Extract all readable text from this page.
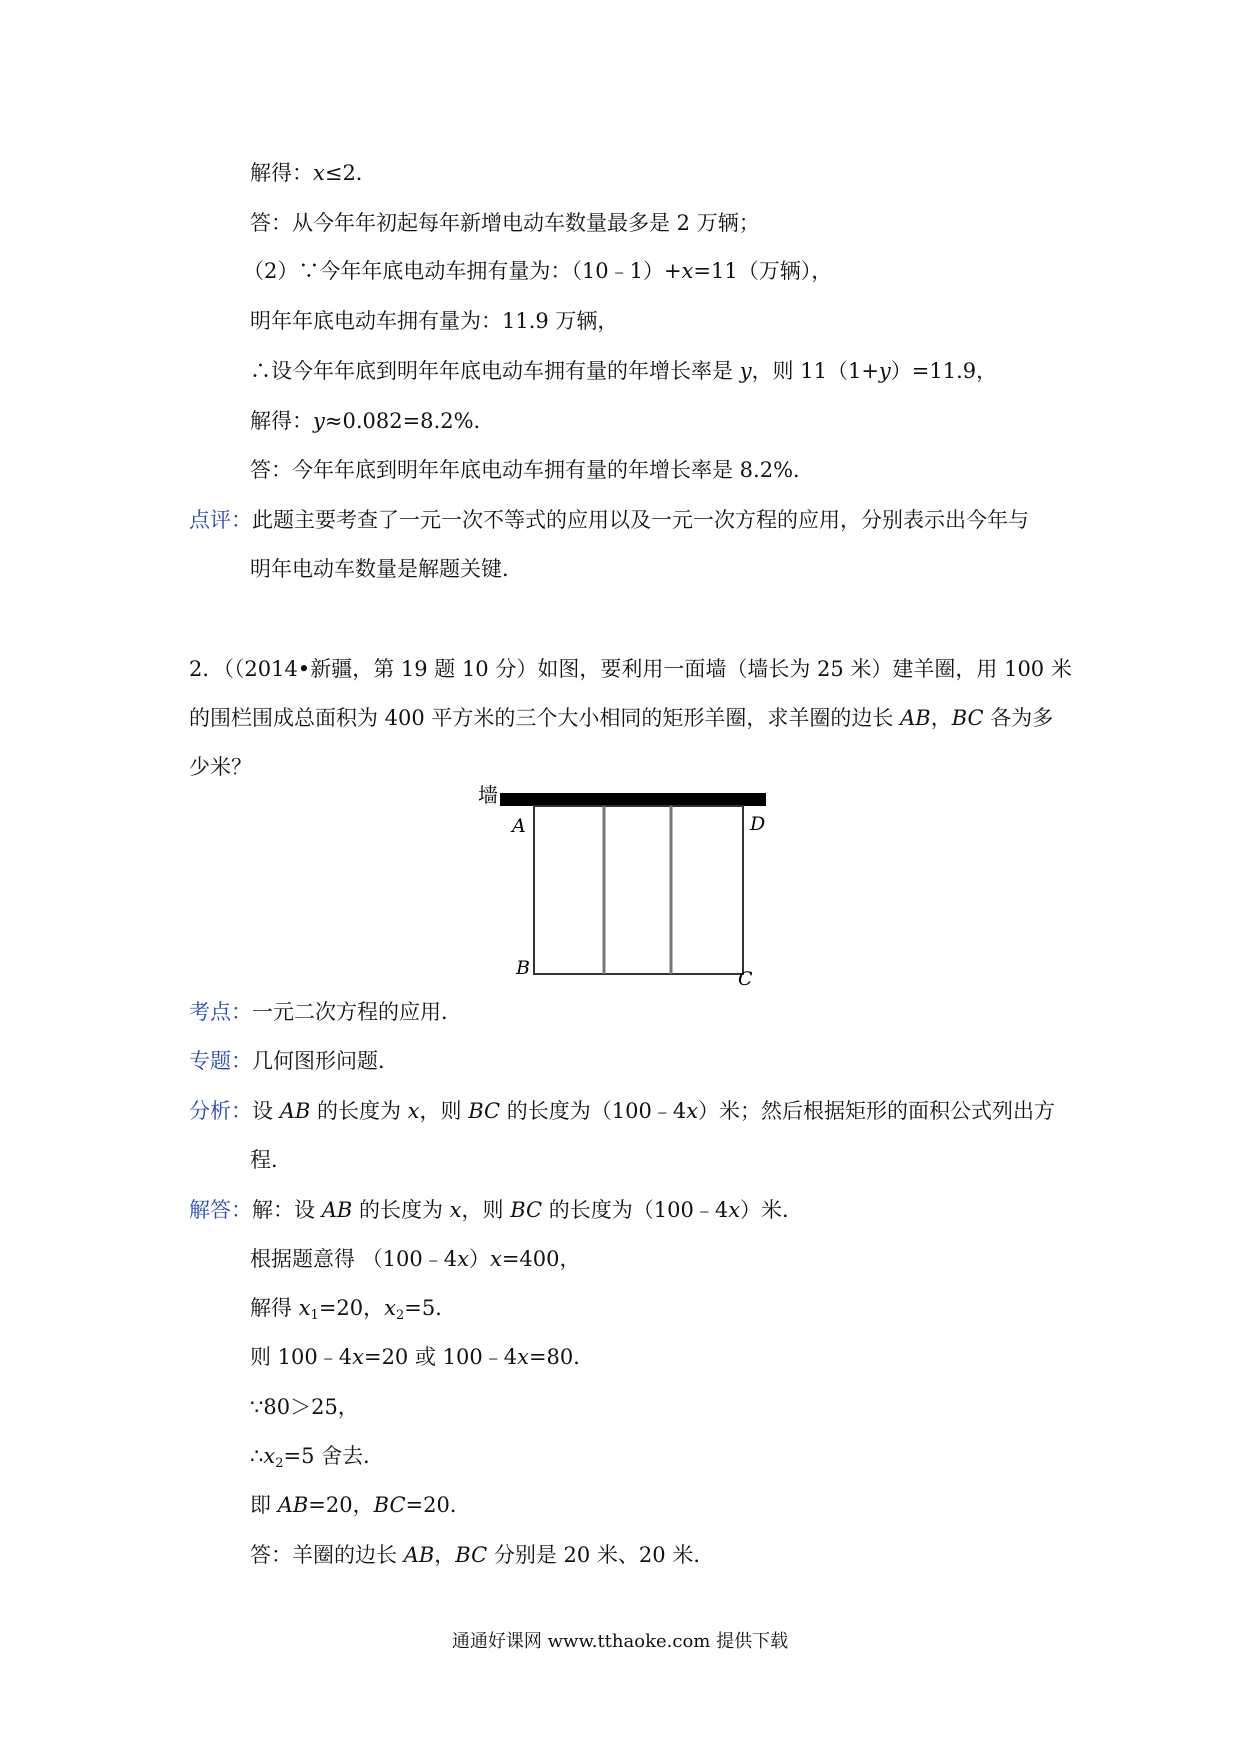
解得：x≤2．
答：从今年年初起每年新增电动车数量最多是 2 万辆；
（2）∵今年年底电动车拥有量为：（10﹣1）+x=11（万辆），
明年年底电动车拥有量为：11.9 万辆，
∴设今年年底到明年年底电动车拥有量的年增长率是 y，则 11（1+y）=11.9，
解得：y≈0.082=8.2%．
答：今年年底到明年年底电动车拥有量的年增长率是 8.2%．
点评：此题主要考查了一元一次不等式的应用以及一元一次方程的应用，分别表示出今年与
明年电动车数量是解题关键．
2．（（2014•新疆，第 19 题 10 分）如图，要利用一面墙（墙长为 25 米）建羊圈，用 100 米
的围栏围成总面积为 400 平方米的三个大小相同的矩形羊圈，求羊圈的边长 AB，BC 各为多
少米？
墙
A	D
B	C
考点：一元二次方程的应用．
专题：几何图形问题．
分析：设 AB 的长度为 x，则 BC 的长度为（100﹣4x）米；然后根据矩形的面积公式列出方
程．
解答：解：设 AB 的长度为 x，则 BC 的长度为（100﹣4x）米．
根据题意得 （100﹣4x）x=400，
解得 $x_1=20$，$x_2=5$．
则 100﹣4x=20 或 100﹣4x=80．
∵80＞25，
$\therefore x_2=5$ 舍去．
即 AB=20，BC=20．
答：羊圈的边长 AB，BC 分别是 20 米、20 米．
通通好课网 www.tthaoke.com 提供下载
